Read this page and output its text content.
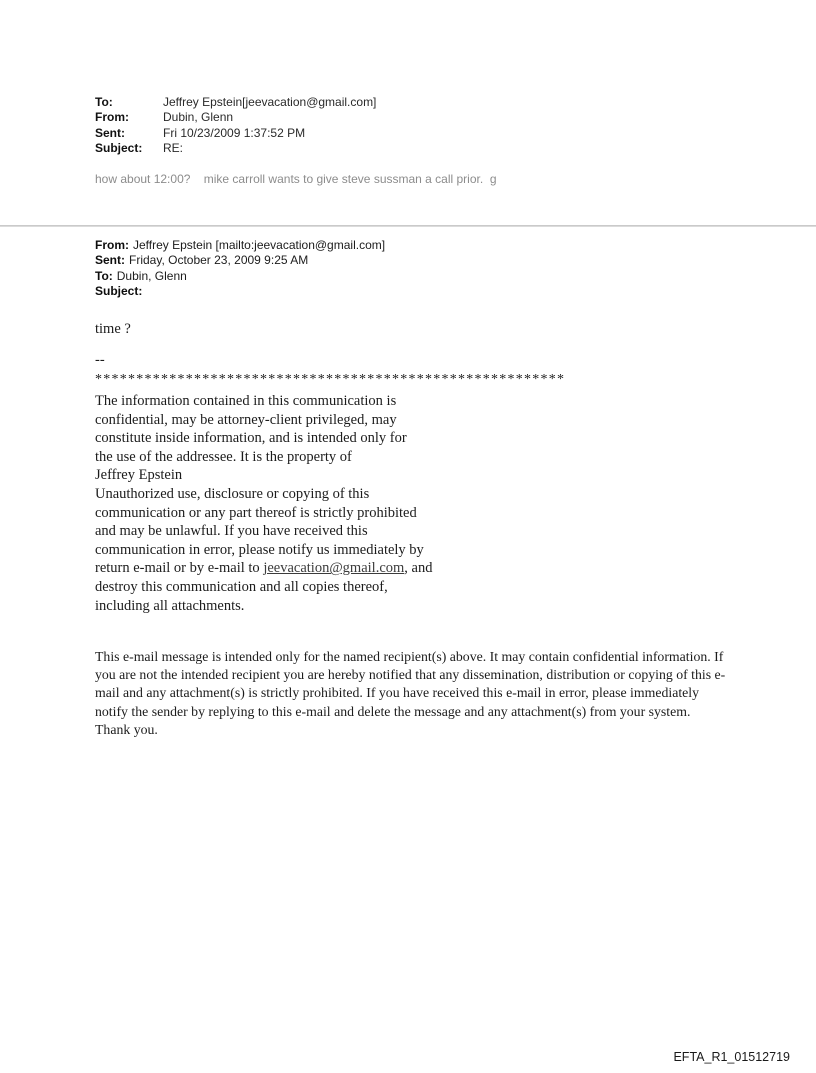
To:	Jeffrey Epstein[jeevacation@gmail.com]
From:	Dubin, Glenn
Sent:	Fri 10/23/2009 1:37:52 PM
Subject:	RE:
how about 12:00?    mike carroll wants to give steve sussman a call prior.  g
From: Jeffrey Epstein [mailto:jeevacation@gmail.com]
Sent: Friday, October 23, 2009 9:25 AM
To: Dubin, Glenn
Subject:
time ?
--
*********************************************************
The information contained in this communication is
confidential, may be attorney-client privileged, may
constitute inside information, and is intended only for
the use of the addressee. It is the property of
Jeffrey Epstein
Unauthorized use, disclosure or copying of this
communication or any part thereof is strictly prohibited
and may be unlawful. If you have received this
communication in error, please notify us immediately by
return e-mail or by e-mail to jeevacation@gmail.com, and
destroy this communication and all copies thereof,
including all attachments.
This e-mail message is intended only for the named recipient(s) above. It may contain confidential information. If you are not the intended recipient you are hereby notified that any dissemination, distribution or copying of this e-mail and any attachment(s) is strictly prohibited. If you have received this e-mail in error, please immediately notify the sender by replying to this e-mail and delete the message and any attachment(s) from your system. Thank you.
EFTA_R1_01512719
